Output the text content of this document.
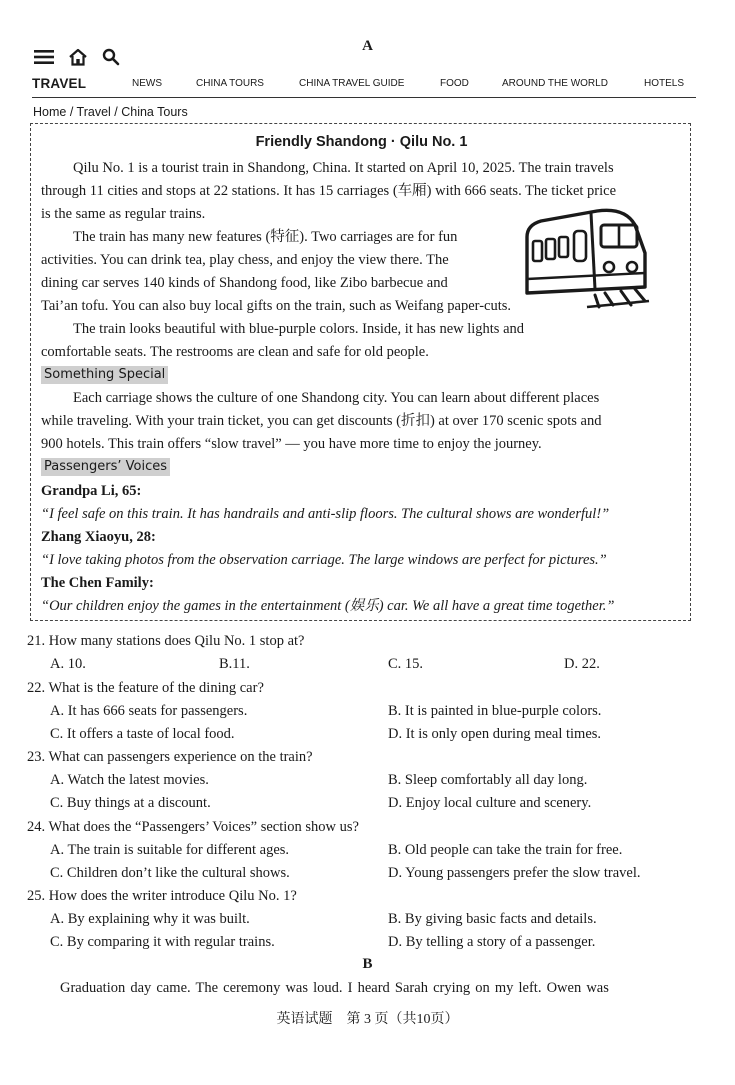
A
TRAVEL	NEWS	CHINA TOURS	CHINA TRAVEL GUIDE	FOOD	AROUND THE WORLD	HOTELS
Home / Travel / China Tours
Friendly Shandong · Qilu No. 1
Qilu No. 1 is a tourist train in Shandong, China. It started on April 10, 2025. The train travels
through 11 cities and stops at 22 stations. It has 15 carriages (车厢) with 666 seats. The ticket price
is the same as regular trains.
The train has many new features (特征). Two carriages are for fun
activities. You can drink tea, play chess, and enjoy the view there. The
dining car serves 140 kinds of Shandong food, like Zibo barbecue and
Tai’an tofu. You can also buy local gifts on the train, such as Weifang paper-cuts.
The train looks beautiful with blue-purple colors. Inside, it has new lights and
comfortable seats. The restrooms are clean and safe for old people.
Something Special
Each carriage shows the culture of one Shandong city. You can learn about different places
while traveling. With your train ticket, you can get discounts (折扣) at over 170 scenic spots and
900 hotels. This train offers “slow travel” — you have more time to enjoy the journey.
Passengers’ Voices
Grandpa Li, 65:
“I feel safe on this train. It has handrails and anti-slip floors. The cultural shows are wonderful!”
Zhang Xiaoyu, 28:
“I love taking photos from the observation carriage. The large windows are perfect for pictures.”
The Chen Family:
“Our children enjoy the games in the entertainment (娱乐) car. We all have a great time together.”
21. How many stations does Qilu No. 1 stop at?
A. 10.	B.11.	C. 15.	D. 22.
22. What is the feature of the dining car?
A. It has 666 seats for passengers.	B. It is painted in blue-purple colors.
C. It offers a taste of local food.	D. It is only open during meal times.
23. What can passengers experience on the train?
A. Watch the latest movies.	B. Sleep comfortably all day long.
C. Buy things at a discount.	D. Enjoy local culture and scenery.
24. What does the “Passengers’ Voices” section show us?
A. The train is suitable for different ages.	B. Old people can take the train for free.
C. Children don’t like the cultural shows.	D. Young passengers prefer the slow travel.
25. How does the writer introduce Qilu No. 1?
A. By explaining why it was built.	B. By giving basic facts and details.
C. By comparing it with regular trains.	D. By telling a story of a passenger.
B
Graduation day came. The ceremony was loud. I heard Sarah crying on my left. Owen was
英语试题　第 3 页（共10页）
